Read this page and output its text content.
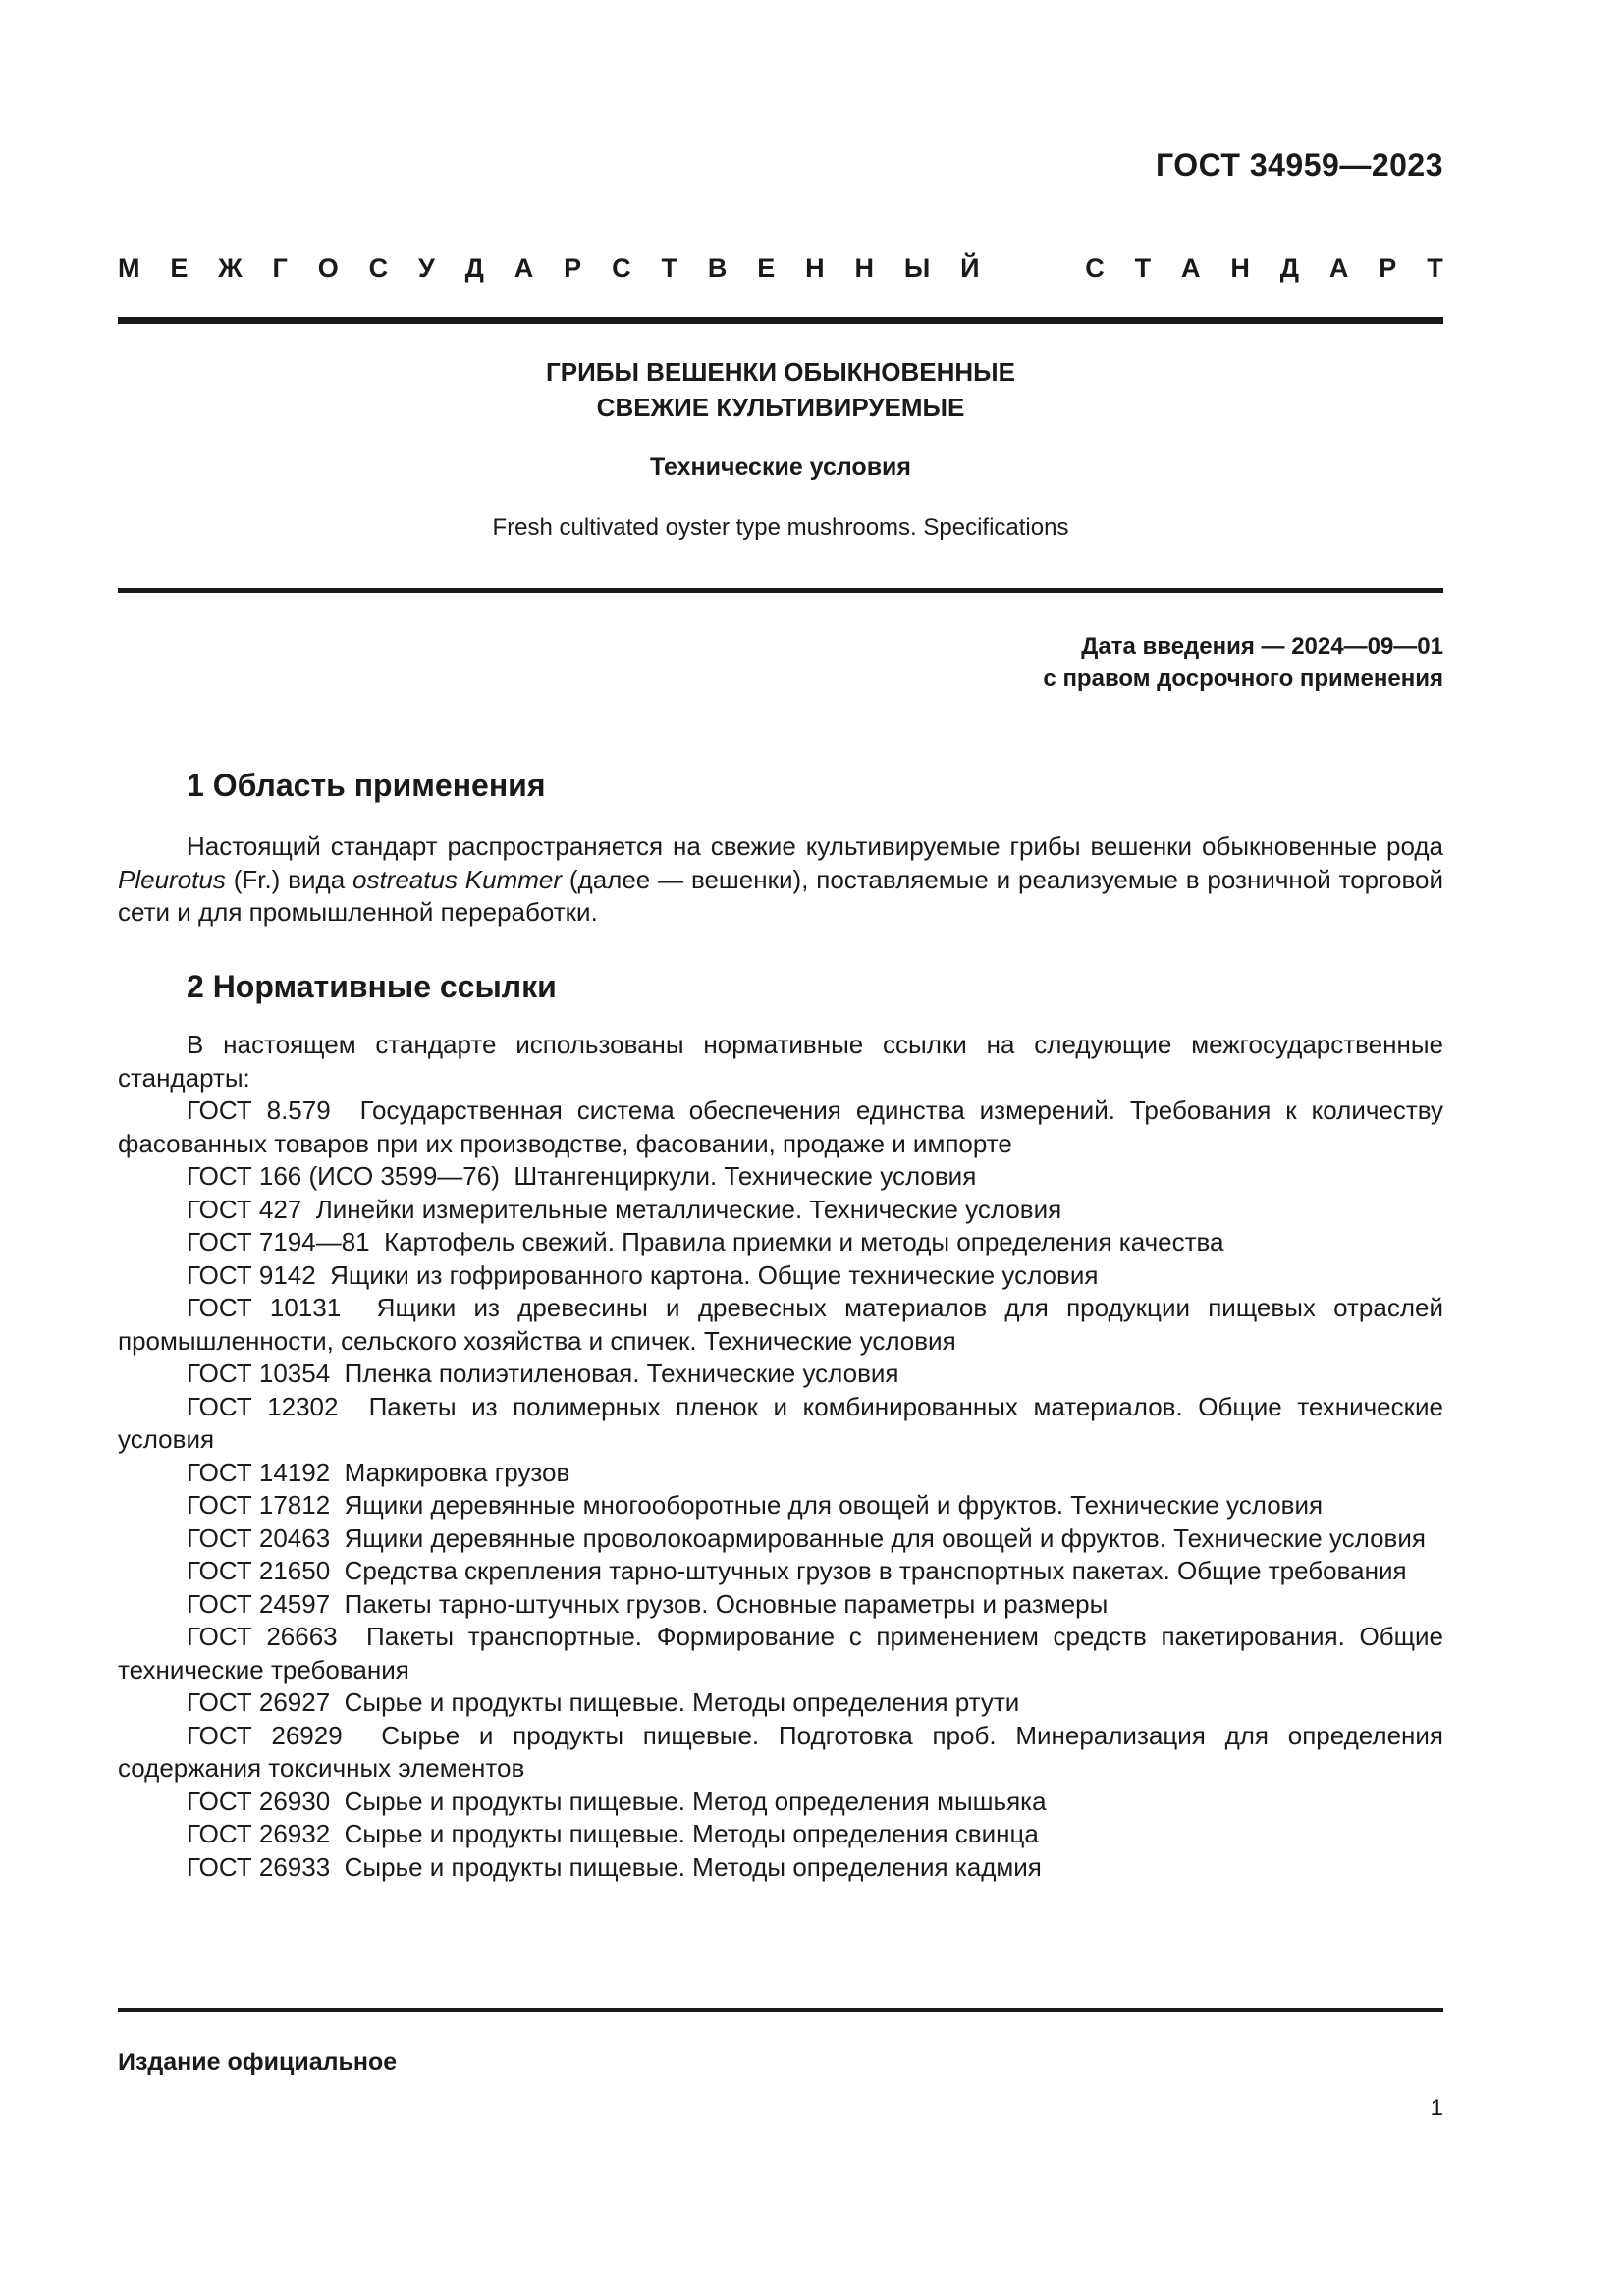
ГОСТ 34959—2023

М Е Ж Г О С У Д А Р С Т В Е Н Н Ы Й	С Т А Н Д А Р Т
ГРИБЫ ВЕШЕНКИ ОБЫКНОВЕННЫЕ
СВЕЖИЕ КУЛЬТИВИРУЕМЫЕ

Технические условия

Fresh cultivated oyster type mushrooms. Specifications

Дата введения — 2024—09—01
с правом досрочного применения
1 Область применения

Настоящий стандарт распространяется на свежие культивируемые грибы вешенки обыкновенные рода Pleurotus (Fr.) вида ostreatus Kummer (далее — вешенки), поставляемые и реализуемые в розничной торговой сети и для промышленной переработки.

2 Нормативные ссылки
В настоящем стандарте использованы нормативные ссылки на следующие межгосударственные стандарты:
ГОСТ 8.579 Государственная система обеспечения единства измерений. Требования к количеству фасованных товаров при их производстве, фасовании, продаже и импорте
ГОСТ 166 (ИСО 3599—76) Штангенциркули. Технические условия
ГОСТ 427 Линейки измерительные металлические. Технические условия
ГОСТ 7194—81 Картофель свежий. Правила приемки и методы определения качества
ГОСТ 9142 Ящики из гофрированного картона. Общие технические условия
ГОСТ 10131 Ящики из древесины и древесных материалов для продукции пищевых отраслей промышленности, сельского хозяйства и спичек. Технические условия
ГОСТ 10354 Пленка полиэтиленовая. Технические условия
ГОСТ 12302 Пакеты из полимерных пленок и комбинированных материалов. Общие технические условия
ГОСТ 14192 Маркировка грузов
ГОСТ 17812 Ящики деревянные многооборотные для овощей и фруктов. Технические условия
ГОСТ 20463 Ящики деревянные проволокоармированные для овощей и фруктов. Технические условия
ГОСТ 21650 Средства скрепления тарно-штучных грузов в транспортных пакетах. Общие требования
ГОСТ 24597 Пакеты тарно-штучных грузов. Основные параметры и размеры
ГОСТ 26663 Пакеты транспортные. Формирование с применением средств пакетирования. Общие технические требования
ГОСТ 26927 Сырье и продукты пищевые. Методы определения ртути
ГОСТ 26929 Сырье и продукты пищевые. Подготовка проб. Минерализация для определения содержания токсичных элементов
ГОСТ 26930 Сырье и продукты пищевые. Метод определения мышьяка
ГОСТ 26932 Сырье и продукты пищевые. Методы определения свинца
ГОСТ 26933 Сырье и продукты пищевые. Методы определения кадмия

Издание официальное

1
